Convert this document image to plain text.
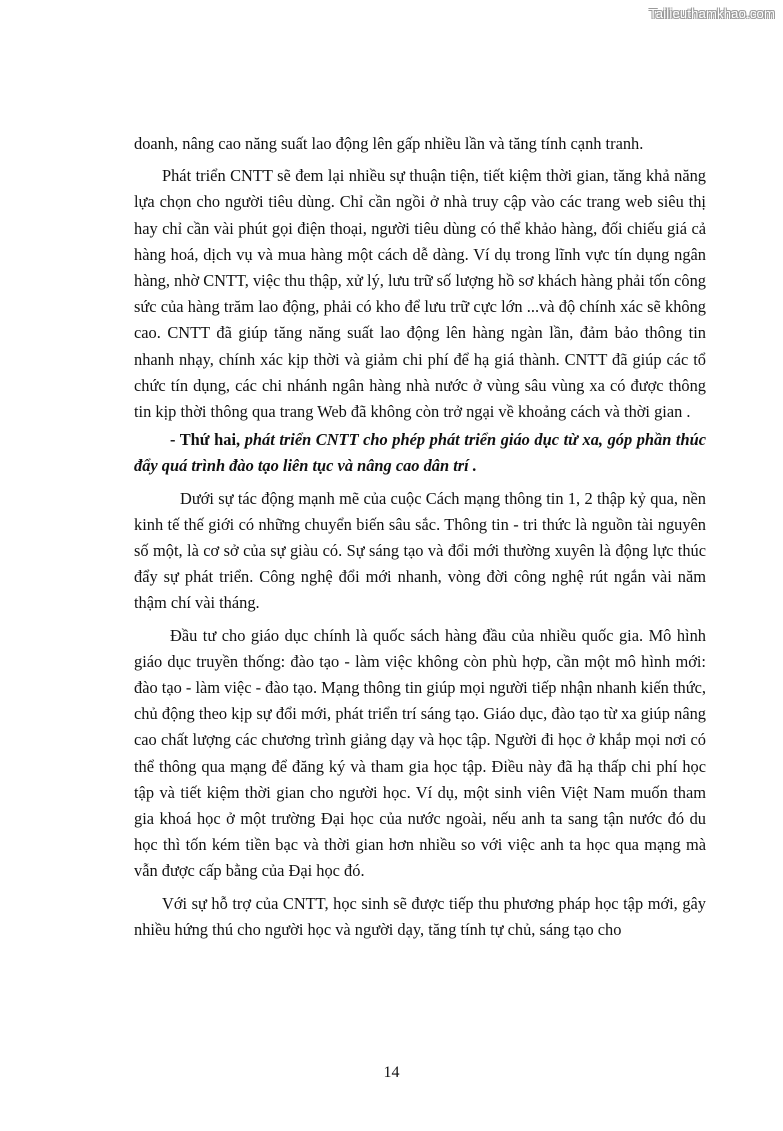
Tailieuthamkhao.com

doanh, nâng cao năng suất lao động lên gấp nhiều lần và tăng tính cạnh tranh.

Phát triển CNTT sẽ đem lại nhiều sự thuận tiện, tiết kiệm thời gian, tăng khả năng lựa chọn cho người tiêu dùng. Chỉ cần ngồi ở nhà truy cập vào các trang web siêu thị hay chỉ cần vài phút gọi điện thoại, người tiêu dùng có thể khảo hàng, đối chiếu giá cả hàng hoá, dịch vụ và mua hàng một cách dễ dàng. Ví dụ trong lĩnh vực tín dụng ngân hàng, nhờ CNTT, việc thu thập, xử lý, lưu trữ số lượng hồ sơ khách hàng phải tốn công sức của hàng trăm lao động, phải có kho để lưu trữ cực lớn ...và độ chính xác sẽ không cao. CNTT đã giúp tăng năng suất lao động lên hàng ngàn lần, đảm bảo thông tin nhanh nhạy, chính xác kịp thời và giảm chi phí để hạ giá thành. CNTT đã giúp các tổ chức tín dụng, các chi nhánh ngân hàng nhà nước ở vùng sâu vùng xa có được thông tin kịp thời thông qua trang Web đã không còn trở ngại về khoảng cách và thời gian .

- Thứ hai, phát triển CNTT cho phép phát triển giáo dục từ xa, góp phần thúc đẩy quá trình đào tạo liên tục và nâng cao dân trí .

Dưới sự tác động mạnh mẽ của cuộc Cách mạng thông tin 1, 2 thập kỷ qua, nền kinh tế thế giới có những chuyển biến sâu sắc. Thông tin - tri thức là nguồn tài nguyên số một, là cơ sở của sự giàu có. Sự sáng tạo và đổi mới thường xuyên là động lực thúc đẩy sự phát triển. Công nghệ đổi mới nhanh, vòng đời công nghệ rút ngắn vài năm thậm chí vài tháng.

Đầu tư cho giáo dục chính là quốc sách hàng đầu của nhiều quốc gia. Mô hình giáo dục truyền thống: đào tạo - làm việc không còn phù hợp, cần một mô hình mới: đào tạo - làm việc - đào tạo. Mạng thông tin giúp mọi người tiếp nhận nhanh kiến thức, chủ động theo kịp sự đổi mới, phát triển trí sáng tạo. Giáo dục, đào tạo từ xa giúp nâng cao chất lượng các chương trình giảng dạy và học tập. Người đi học ở khắp mọi nơi có thể thông qua mạng để đăng ký và tham gia học tập. Điều này đã hạ thấp chi phí học tập và tiết kiệm thời gian cho người học. Ví dụ, một sinh viên Việt Nam muốn tham gia khoá học ở một trường Đại học của nước ngoài, nếu anh ta sang tận nước đó du học thì tốn kém tiền bạc và thời gian hơn nhiều so với việc anh ta học qua mạng mà vẫn được cấp bằng của Đại học đó.

Với sự hỗ trợ của CNTT, học sinh sẽ được tiếp thu phương pháp học tập mới, gây nhiều hứng thú cho người học và người dạy, tăng tính tự chủ, sáng tạo cho

14
